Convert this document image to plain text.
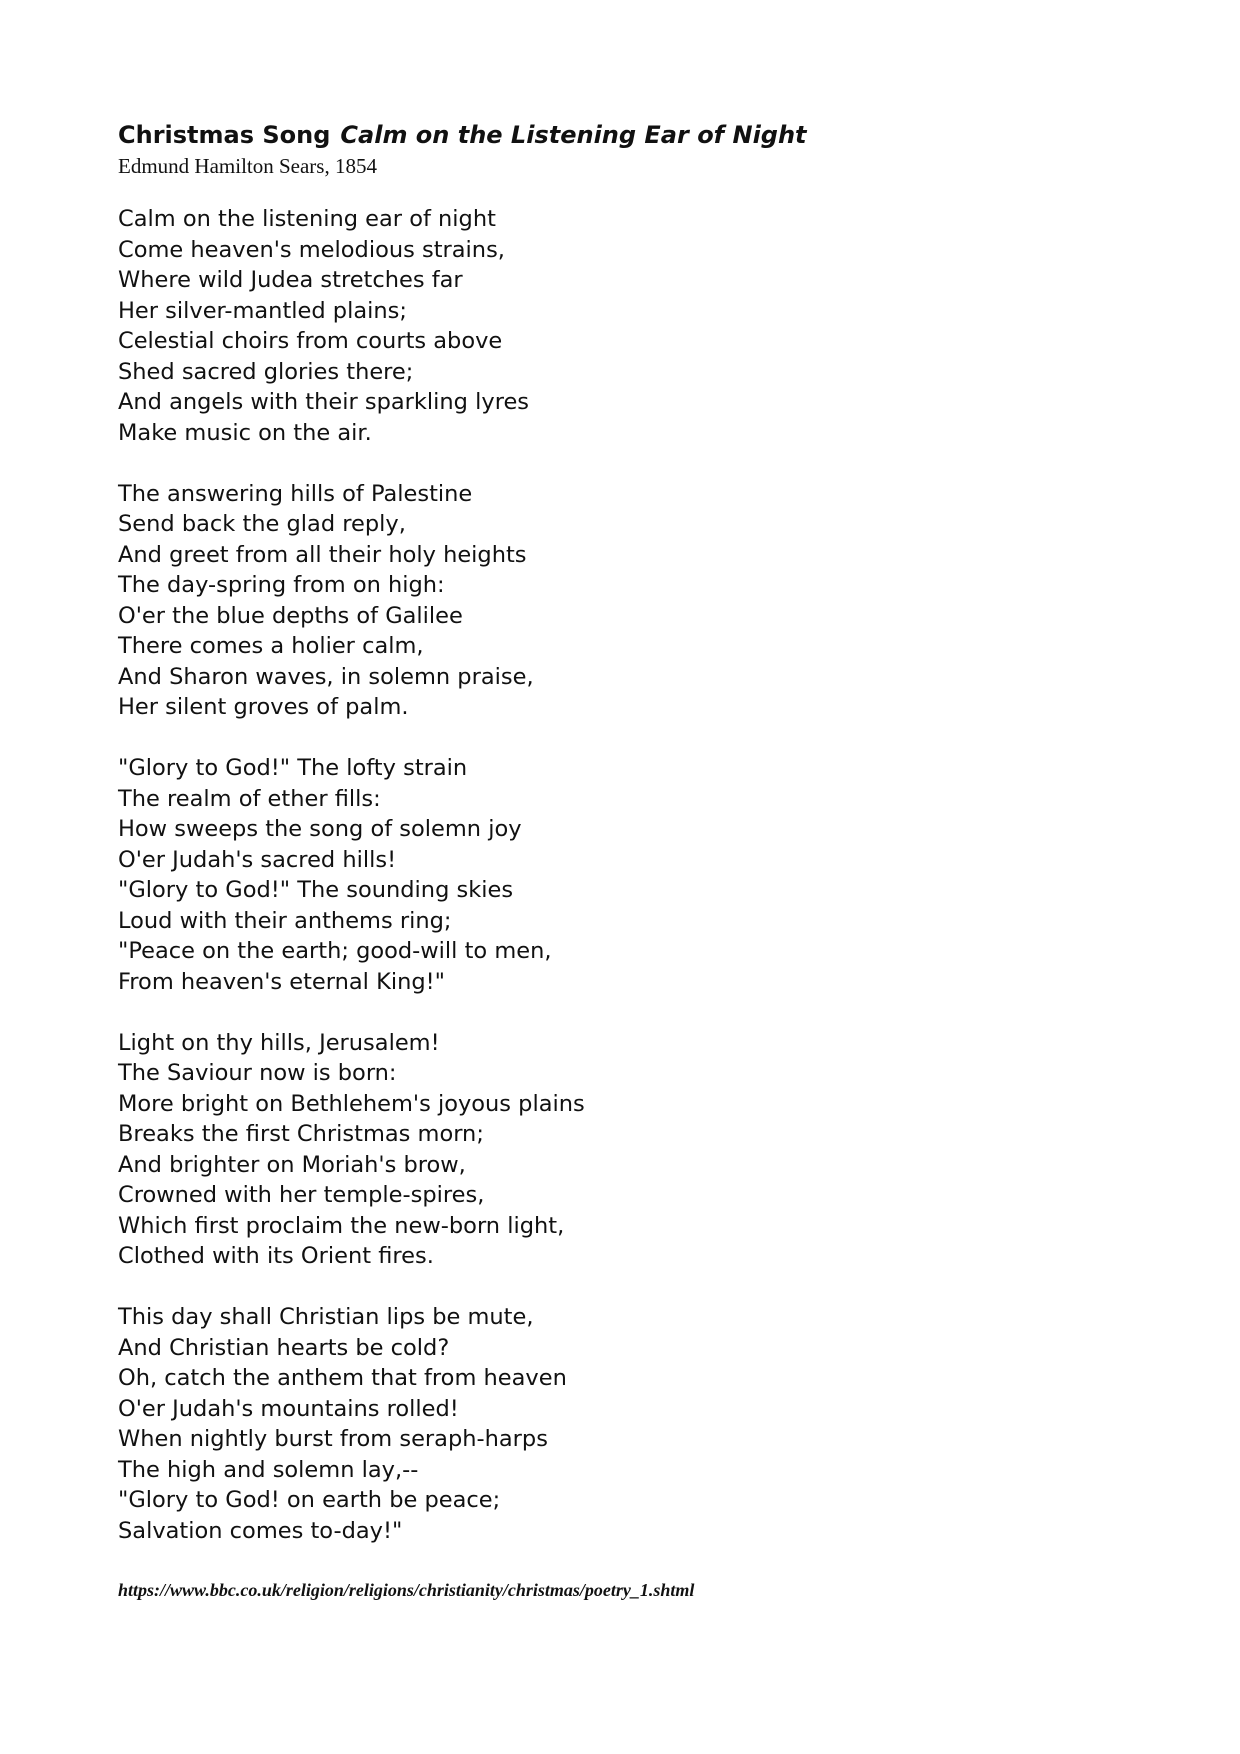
Christmas Song Calm on the Listening Ear of Night

Edmund Hamilton Sears, 1854

Calm on the listening ear of night
Come heaven's melodious strains,
Where wild Judea stretches far
Her silver-mantled plains;
Celestial choirs from courts above
Shed sacred glories there;
And angels with their sparkling lyres
Make music on the air.
The answering hills of Palestine
Send back the glad reply,
And greet from all their holy heights
The day-spring from on high:
O'er the blue depths of Galilee
There comes a holier calm,
And Sharon waves, in solemn praise,
Her silent groves of palm.
"Glory to God!" The lofty strain
The realm of ether fills:
How sweeps the song of solemn joy
O'er Judah's sacred hills!
"Glory to God!" The sounding skies
Loud with their anthems ring;
"Peace on the earth; good-will to men,
From heaven's eternal King!"
Light on thy hills, Jerusalem!
The Saviour now is born:
More bright on Bethlehem's joyous plains
Breaks the first Christmas morn;
And brighter on Moriah's brow,
Crowned with her temple-spires,
Which first proclaim the new-born light,
Clothed with its Orient fires.
This day shall Christian lips be mute,
And Christian hearts be cold?
Oh, catch the anthem that from heaven
O'er Judah's mountains rolled!
When nightly burst from seraph-harps
The high and solemn lay,--
"Glory to God! on earth be peace;
Salvation comes to-day!"
https://www.bbc.co.uk/religion/religions/christianity/christmas/poetry_1.shtml
